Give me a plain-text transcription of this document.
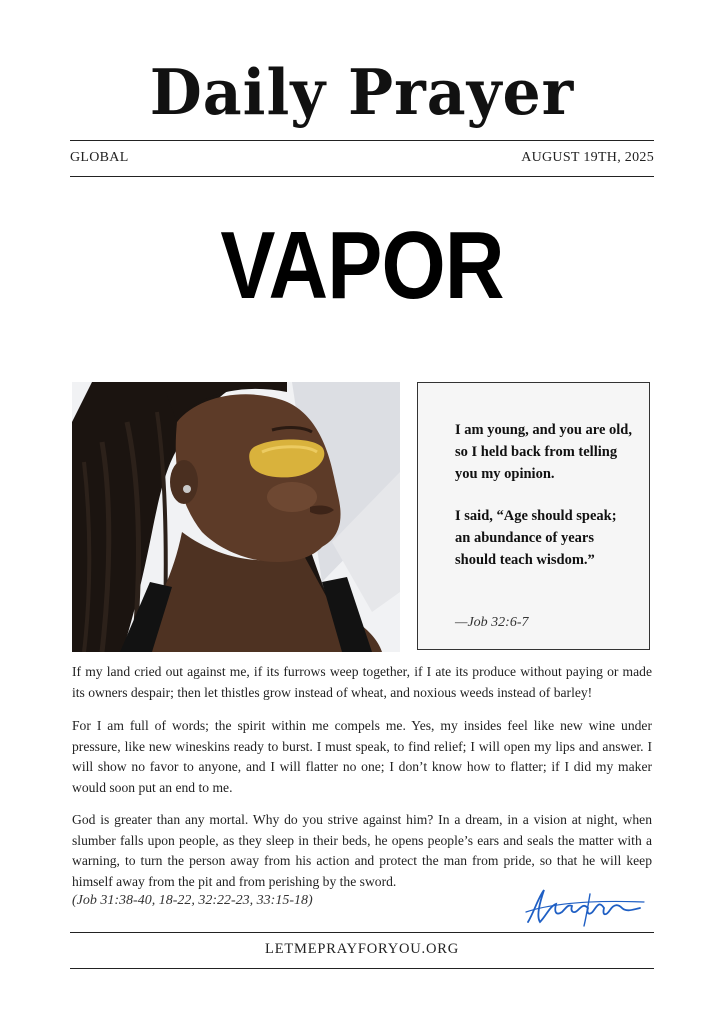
Daily Prayer
GLOBAL	AUGUST 19TH, 2025
VAPOR
I am young, and you are old, so I held back from telling you my opinion.
I said, “Age should speak; an abundance of years should teach wisdom.”
—Job 32:6-7
If my land cried out against me, if its furrows weep together, if I ate its produce without paying or made its owners despair; then let thistles grow instead of wheat, and noxious weeds instead of barley!
For I am full of words; the spirit within me compels me. Yes, my insides feel like new wine under pressure, like new wineskins ready to burst. I must speak, to find relief; I will open my lips and answer. I will show no favor to anyone, and I will flatter no one; I don’t know how to flatter; if I did my maker would soon put an end to me.
God is greater than any mortal. Why do you strive against him? In a dream, in a vision at night, when slumber falls upon people, as they sleep in their beds, he opens people’s ears and seals the matter with a warning, to turn the person away from his action and protect the man from pride, so that he will keep himself away from the pit and from perishing by the sword.
(Job 31:38-40, 18-22, 32:22-23, 33:15-18)
LETMEPRAYFORYOU.ORG
